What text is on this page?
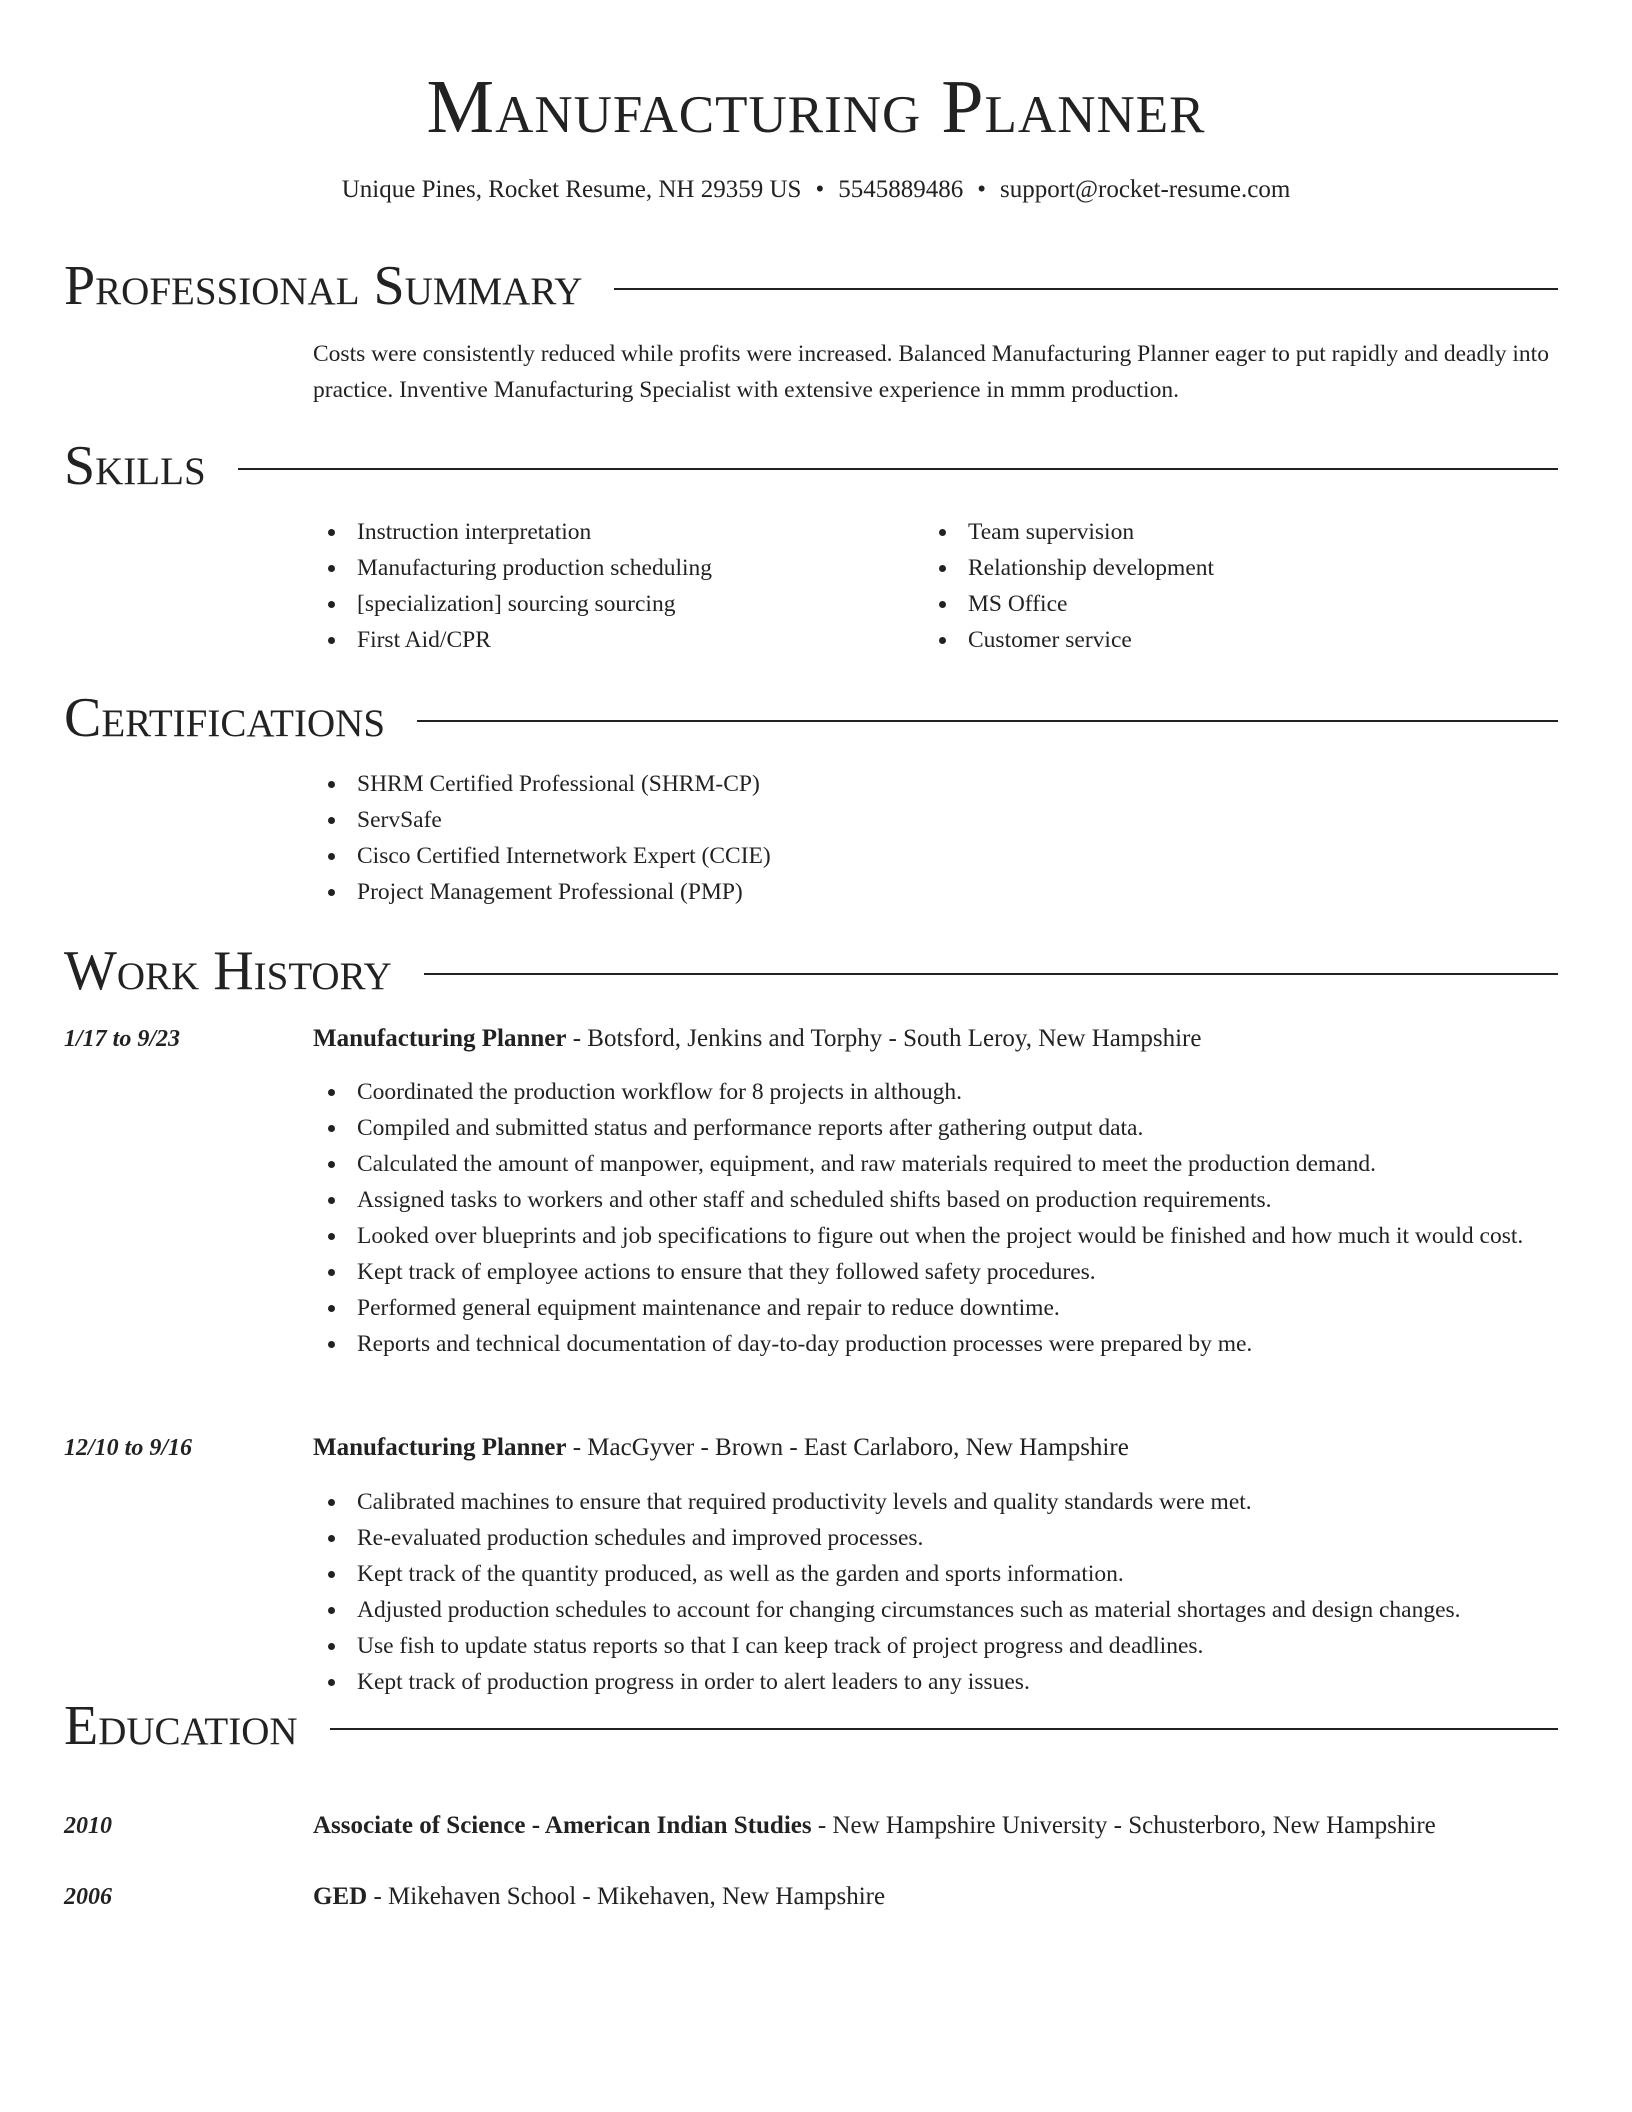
Manufacturing Planner
Unique Pines, Rocket Resume, NH 29359 US • 5545889486 • support@rocket-resume.com
Professional Summary

Costs were consistently reduced while profits were increased. Balanced Manufacturing Planner eager to put rapidly and deadly into practice. Inventive Manufacturing Specialist with extensive experience in mmm production.

Skills
Instruction interpretation
Manufacturing production scheduling
[specialization] sourcing sourcing
First Aid/CPR
Team supervision
Relationship development
MS Office
Customer service
Certifications
SHRM Certified Professional (SHRM-CP)
ServSafe
Cisco Certified Internetwork Expert (CCIE)
Project Management Professional (PMP)
Work History
1/17 to 9/23	Manufacturing Planner - Botsford, Jenkins and Torphy - South Leroy, New Hampshire
Coordinated the production workflow for 8 projects in although.
Compiled and submitted status and performance reports after gathering output data.
Calculated the amount of manpower, equipment, and raw materials required to meet the production demand.
Assigned tasks to workers and other staff and scheduled shifts based on production requirements.
Looked over blueprints and job specifications to figure out when the project would be finished and how much it would cost.
Kept track of employee actions to ensure that they followed safety procedures.
Performed general equipment maintenance and repair to reduce downtime.
Reports and technical documentation of day-to-day production processes were prepared by me.
12/10 to 9/16	Manufacturing Planner - MacGyver - Brown - East Carlaboro, New Hampshire
Calibrated machines to ensure that required productivity levels and quality standards were met.
Re-evaluated production schedules and improved processes.
Kept track of the quantity produced, as well as the garden and sports information.
Adjusted production schedules to account for changing circumstances such as material shortages and design changes.
Use fish to update status reports so that I can keep track of project progress and deadlines.
Kept track of production progress in order to alert leaders to any issues.
Education
2010	Associate of Science - American Indian Studies - New Hampshire University - Schusterboro, New Hampshire
2006	GED - Mikehaven School - Mikehaven, New Hampshire
